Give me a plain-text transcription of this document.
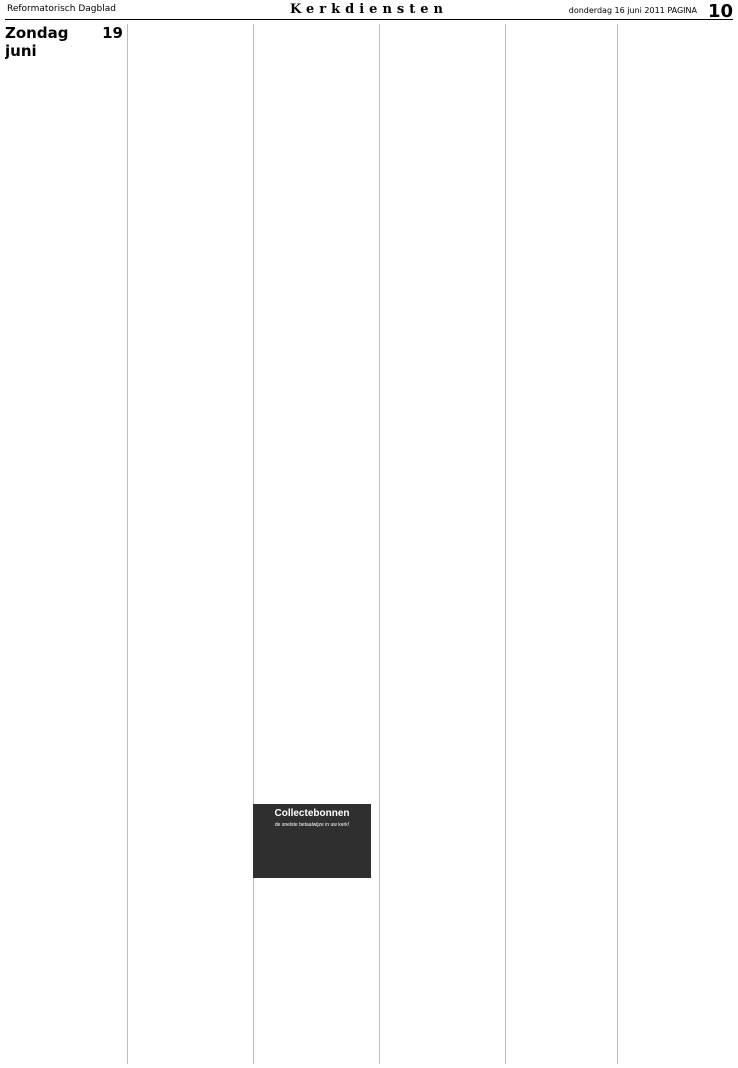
Reformatorisch Dagblad	Kerkdiensten	donderdag 16 juni 2011 PAGINA 10
Zondag 19 juni
Collectebonnen
de snelste betaalwijze in uw kerk!
